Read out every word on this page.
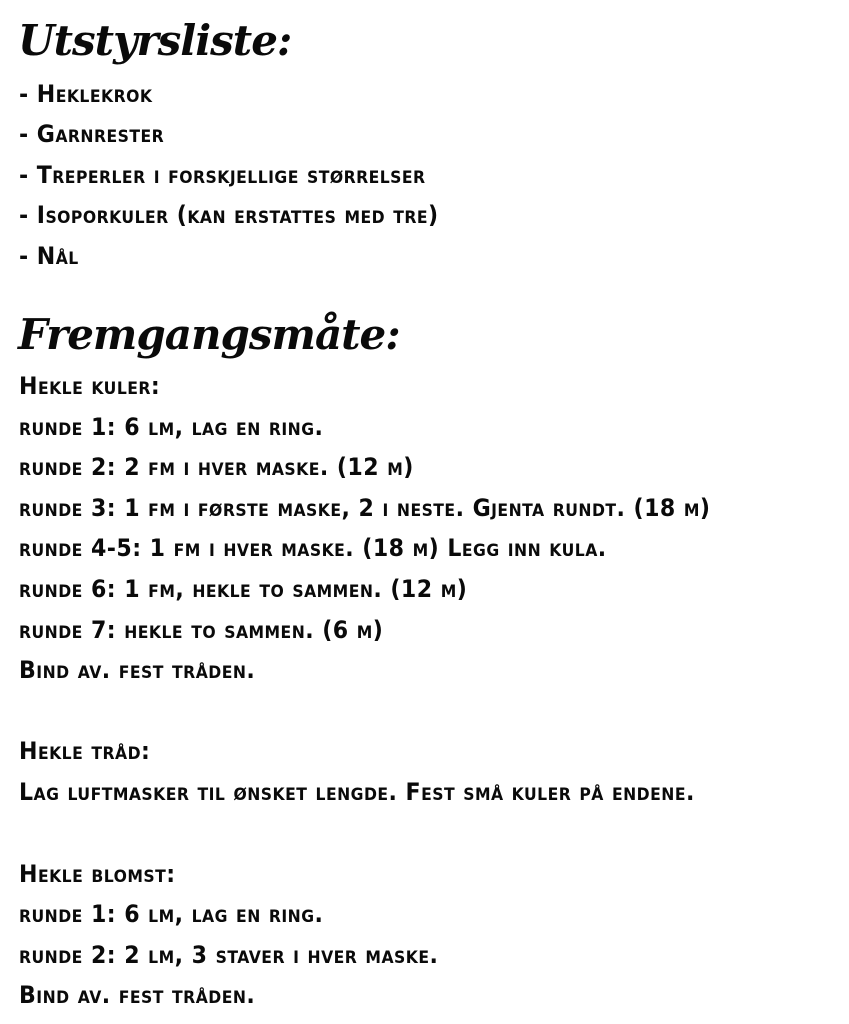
Utstyrsliste:
- Heklekrok
- Garnrester
- Treperler i forskjellige størrelser
- Isoporkuler (kan erstattes med tre)
- Nål
Fremgangsmåte:
Hekle kuler:
runde 1: 6 lm, lag en ring.
runde 2: 2 fm i hver maske. (12 m)
runde 3: 1 fm i første maske, 2 i neste. Gjenta rundt. (18 m)
runde 4-5: 1 fm i hver maske. (18 m) Legg inn kula.
runde 6: 1 fm, hekle to sammen. (12 m)
runde 7: hekle to sammen. (6 m)
Bind av. fest tråden.
Hekle tråd:
Lag luftmasker til ønsket lengde. Fest små kuler på endene.
Hekle blomst:
runde 1: 6 lm, lag en ring.
runde 2: 2 lm, 3 staver i hver maske.
Bind av. fest tråden.
